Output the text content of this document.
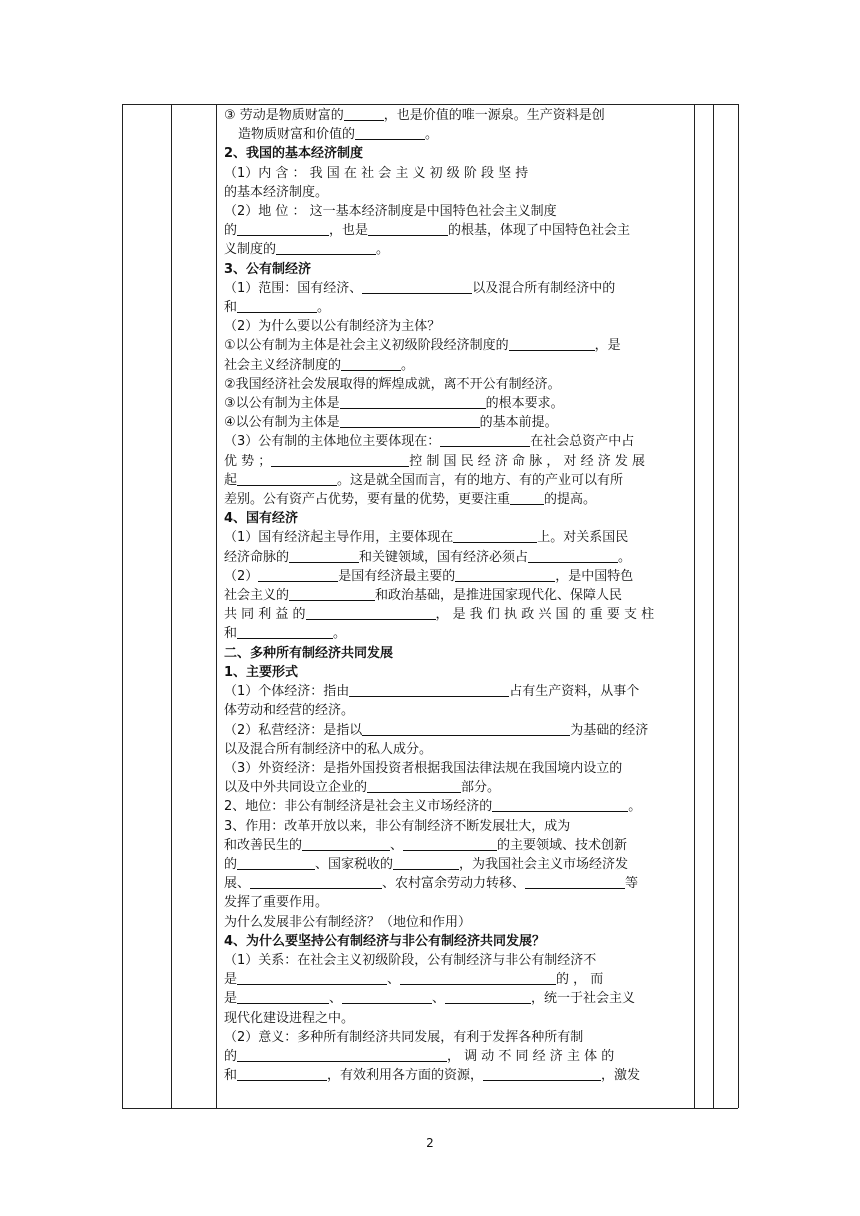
③ 劳动是物质财富的	，也是价值的唯一源泉。生产资料是创

造物质财富和价值的	。

2、我国的基本经济制度

（1）内 含 ： 我 国 在 社 会 主 义 初 级 阶 段 坚 持

的基本经济制度。

（2）地 位 ： 这一基本经济制度是中国特色社会主义制度

的	，也是	的根基，体现了中国特色社会主

义制度的	。

3、公有制经济

（1）范围：国有经济、	以及混合所有制经济中的

和	。

（2）为什么要以公有制经济为主体？

①以公有制为主体是社会主义初级阶段经济制度的	，是

社会主义经济制度的	。

②我国经济社会发展取得的辉煌成就，离不开公有制经济。

③以公有制为主体是	的根本要求。

④以公有制为主体是	的基本前提。

（3）公有制的主体地位主要体现在：	在社会总资产中占

优 势 ；	控 制 国 民 经 济 命 脉 ， 对 经 济 发 展

起	。这是就全国而言，有的地方、有的产业可以有所

差别。公有资产占优势，要有量的优势，更要注重	的提高。

4、国有经济

（1）国有经济起主导作用，主要体现在	上。对关系国民

经济命脉的	和关键领域，国有经济必须占	。

（2）	是国有经济最主要的	，是中国特色

社会主义的	和政治基础，是推进国家现代化、保障人民

共 同 利 益 的	， 是 我 们 执 政 兴 国 的 重 要 支 柱

和	。

二、多种所有制经济共同发展

1、主要形式

（1）个体经济：指由	占有生产资料，从事个

体劳动和经营的经济。

（2）私营经济：是指以	为基础的经济

以及混合所有制经济中的私人成分。

（3）外资经济：是指外国投资者根据我国法律法规在我国境内设立的

以及中外共同设立企业的	部分。

2、地位：非公有制经济是社会主义市场经济的	。

3、作用：改革开放以来，非公有制经济不断发展壮大，成为

和改善民生的	、	的主要领域、技术创新

的	、国家税收的	，为我国社会主义市场经济发

展、	、农村富余劳动力转移、	等

发挥了重要作用。

为什么发展非公有制经济？（地位和作用）

4、为什么要坚持公有制经济与非公有制经济共同发展？

（1）关系：在社会主义初级阶段，公有制经济与非公有制经济不

是	、	的 ， 而

是	、	、	，统一于社会主义

现代化建设进程之中。

（2）意义：多种所有制经济共同发展，有利于发挥各种所有制

的	， 调 动 不 同 经 济 主 体 的

和	，有效利用各方面的资源，	，激发

2
